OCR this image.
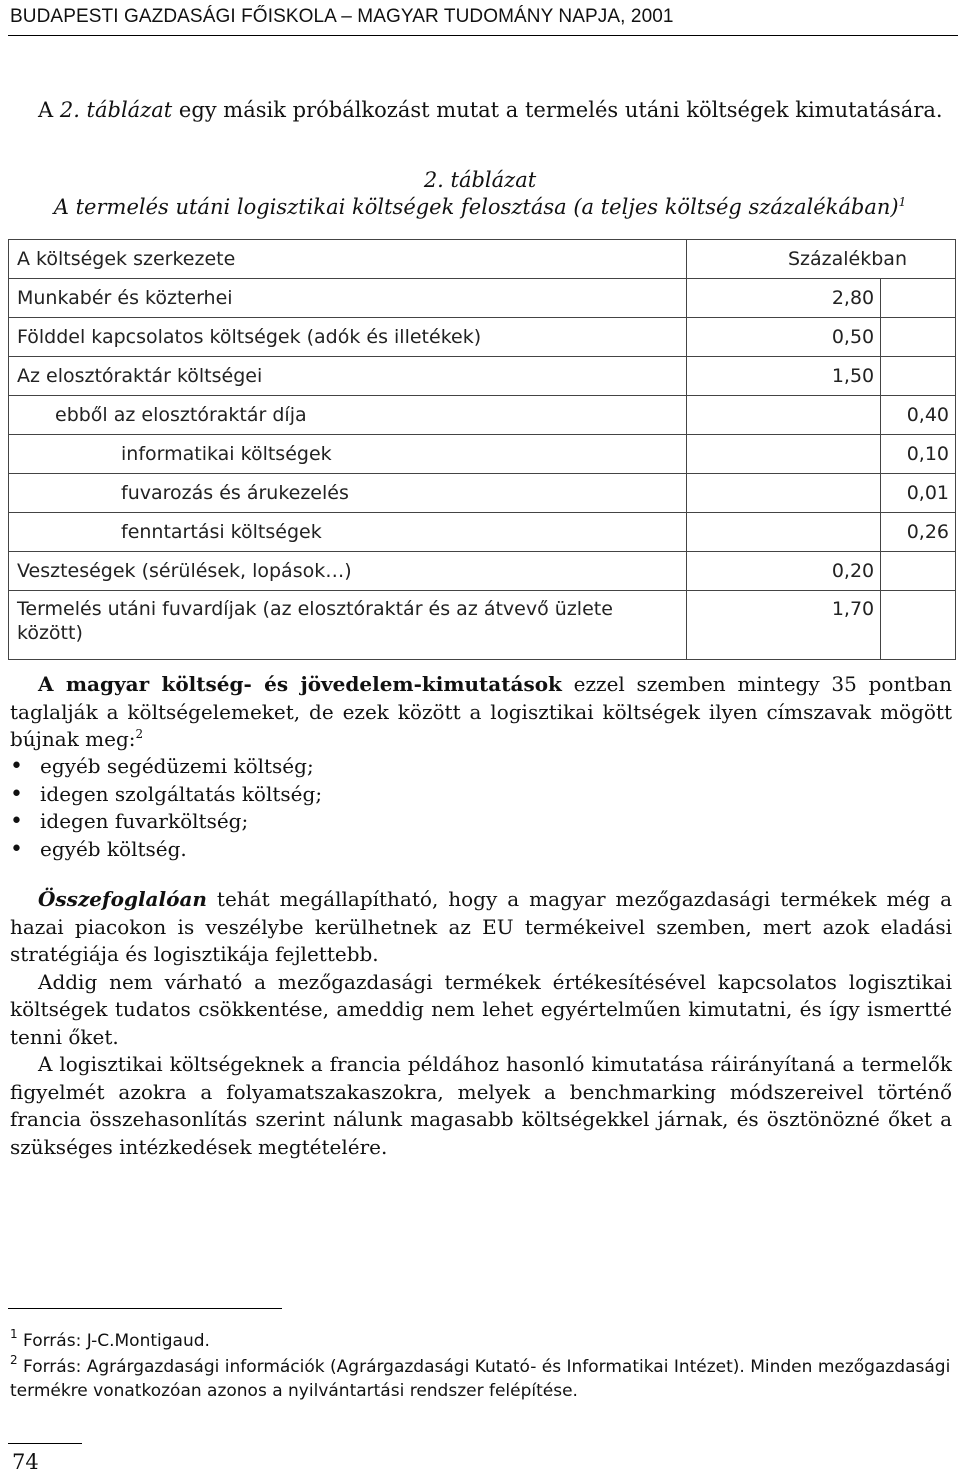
BUDAPESTI GAZDASÁGI FŐISKOLA – MAGYAR TUDOMÁNY NAPJA, 2001
A 2. táblázat egy másik próbálkozást mutat a termelés utáni költségek kimutatására.
2. táblázat
A termelés utáni logisztikai költségek felosztása (a teljes költség százalékában)$^1$
A költségek szerkezete	Százalékban	
Munkabér és közterhei	2,80	
Földdel kapcsolatos költségek (adók és illetékek)	0,50	
Az elosztóraktár költségei	1,50	
ebből az elosztóraktár díja		0,40
informatikai költségek		0,10
fuvarozás és árukezelés		0,01
fenntartási költségek		0,26
Veszteségek (sérülések, lopások…)	0,20	
Termelés utáni fuvardíjak (az elosztóraktár és az átvevő üzlete között)	1,70	
A magyar költség- és jövedelem-kimutatások ezzel szemben mintegy 35 pontban taglalják a költségelemeket, de ezek között a logisztikai költségek ilyen címszavak mögött bújnak meg:$^2$
• egyéb segédüzemi költség;
• idegen szolgáltatás költség;
• idegen fuvarköltség;
• egyéb költség.
Összefoglalóan tehát megállapítható, hogy a magyar mezőgazdasági termékek még a hazai piacokon is veszélybe kerülhetnek az EU termékeivel szemben, mert azok eladási stratégiája és logisztikája fejlettebb.
Addig nem várható a mezőgazdasági termékek értékesítésével kapcsolatos logisztikai költségek tudatos csökkentése, ameddig nem lehet egyértelműen kimutatni, és így ismertté tenni őket.
A logisztikai költségeknek a francia példához hasonló kimutatása ráirányítaná a termelők figyelmét azokra a folyamatszakaszokra, melyek a benchmarking módszereivel történő francia összehasonlítás szerint nálunk magasabb költségekkel járnak, és ösztönözné őket a szükséges intézkedések megtételére.
$^1$ Forrás: J-C.Montigaud.
$^2$ Forrás: Agrárgazdasági információk (Agrárgazdasági Kutató- és Informatikai Intézet). Minden mezőgazdasági termékre vonatkozóan azonos a nyilvántartási rendszer felépítése.
74
